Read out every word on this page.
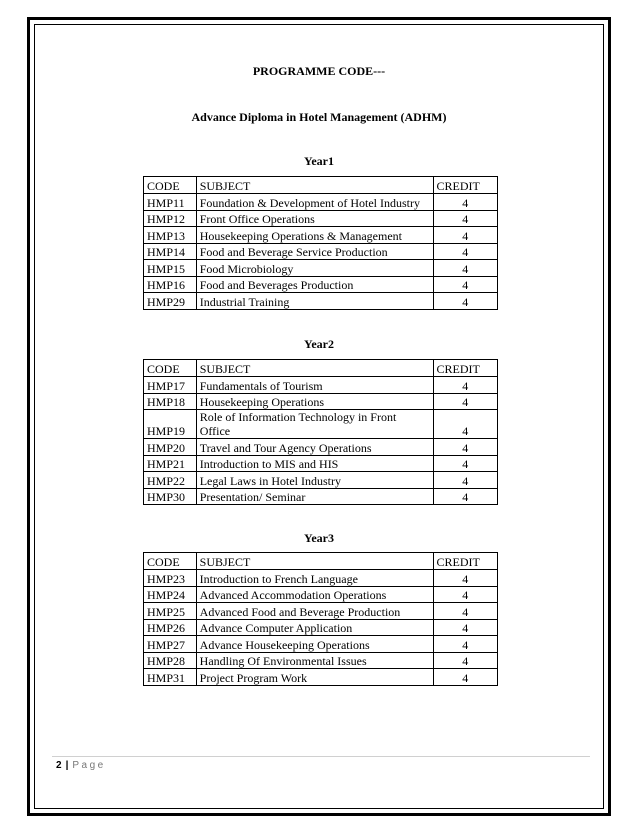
PROGRAMME CODE---
Advance Diploma in Hotel Management (ADHM)
Year1
CODE	SUBJECT	CREDIT
HMP11	Foundation & Development of Hotel Industry	4
HMP12	Front Office Operations	4
HMP13	Housekeeping Operations & Management	4
HMP14	Food and Beverage Service Production	4
HMP15	Food Microbiology	4
HMP16	Food and Beverages Production	4
HMP29	Industrial Training	4
Year2
CODE	SUBJECT	CREDIT
HMP17	Fundamentals of Tourism	4
HMP18	Housekeeping Operations	4
HMP19	Role of Information Technology in Front Office	4
HMP20	Travel and Tour Agency Operations	4
HMP21	Introduction to MIS and HIS	4
HMP22	Legal Laws in Hotel Industry	4
HMP30	Presentation/ Seminar	4
Year3
CODE	SUBJECT	CREDIT
HMP23	Introduction to French Language	4
HMP24	Advanced Accommodation Operations	4
HMP25	Advanced Food and Beverage Production	4
HMP26	Advance Computer Application	4
HMP27	Advance Housekeeping Operations	4
HMP28	Handling Of Environmental Issues	4
HMP31	Project Program Work	4
2 | Page
